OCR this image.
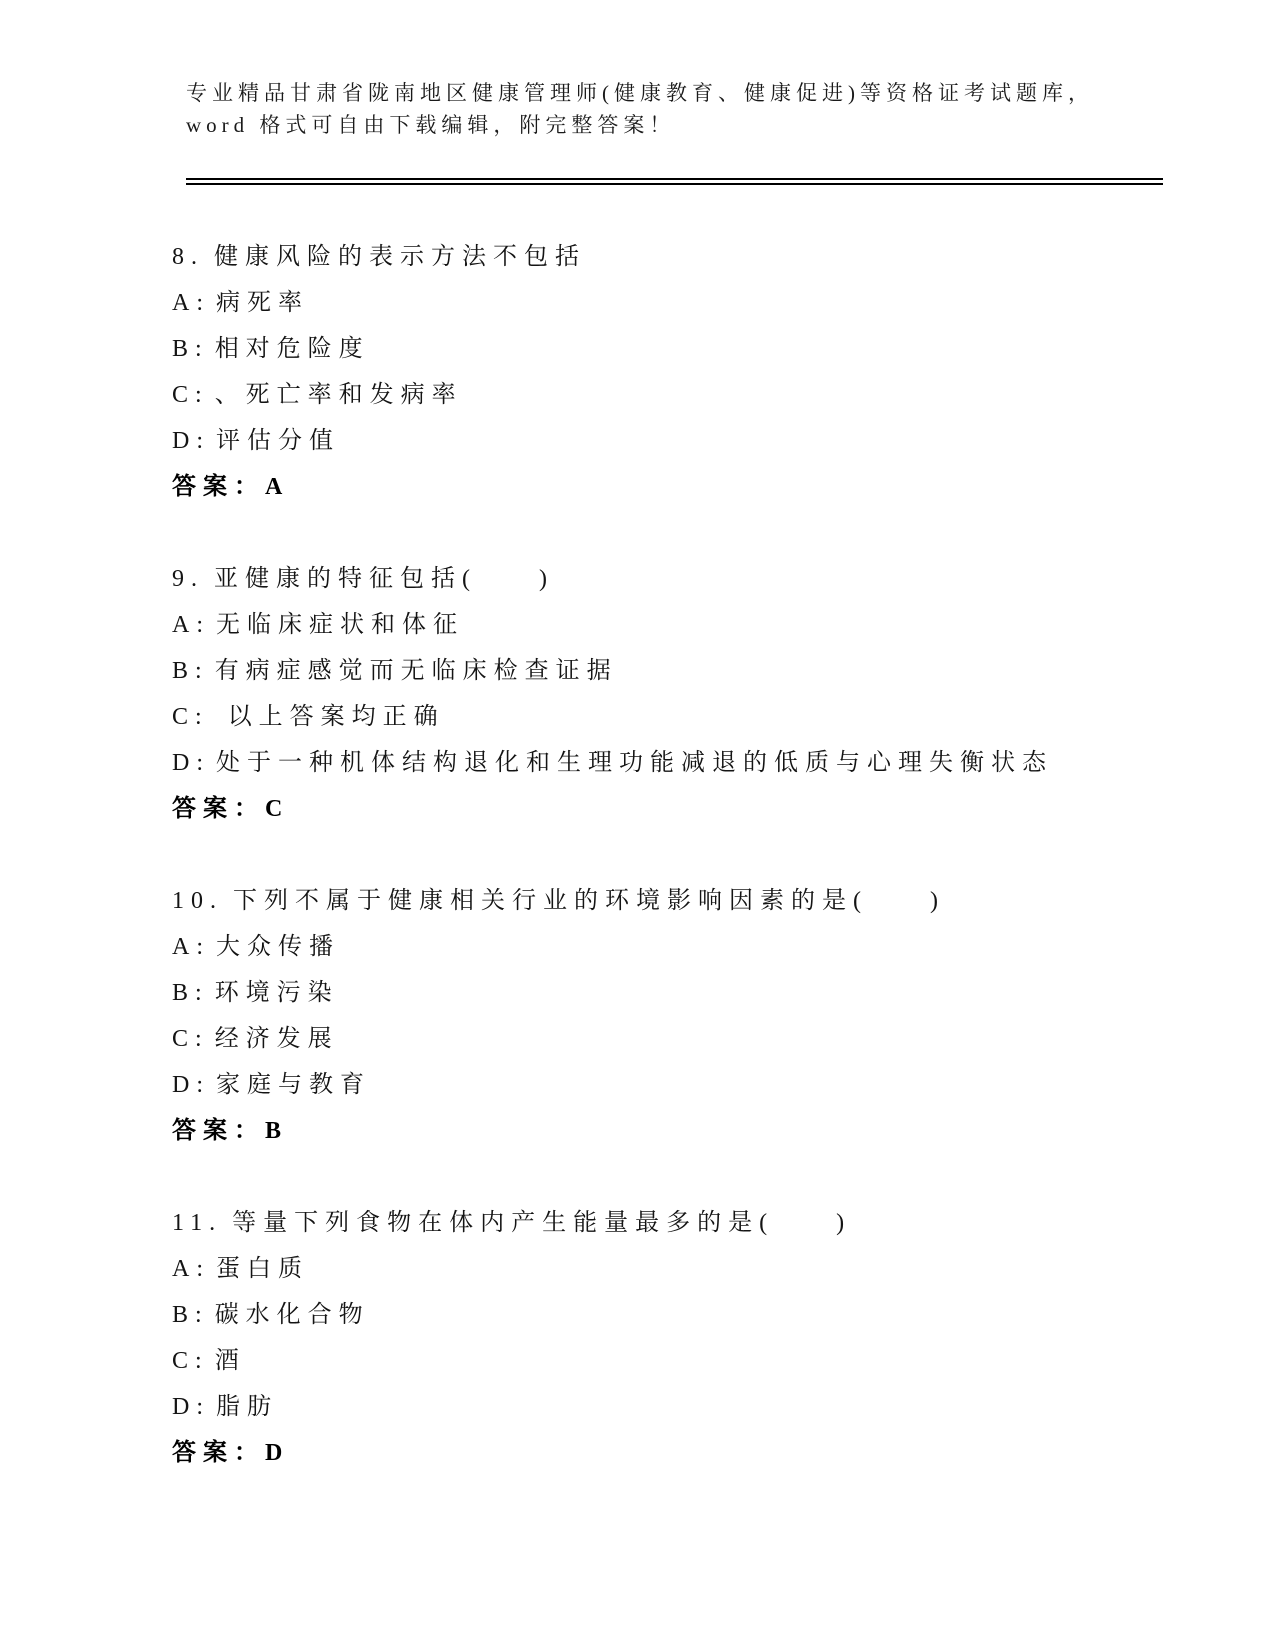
专业精品甘肃省陇南地区健康管理师(健康教育、健康促进)等资格证考试题库，
word 格式可自由下载编辑，附完整答案！
8. 健康风险的表示方法不包括
A: 病死率
B: 相对危险度
C: 、死亡率和发病率
D: 评估分值
答案：A
9. 亚健康的特征包括(　　)
A: 无临床症状和体征
B: 有病症感觉而无临床检查证据
C: 以上答案均正确
D: 处于一种机体结构退化和生理功能减退的低质与心理失衡状态
答案：C
10. 下列不属于健康相关行业的环境影响因素的是(　　)
A: 大众传播
B: 环境污染
C: 经济发展
D: 家庭与教育
答案：B
11. 等量下列食物在体内产生能量最多的是(　　)
A: 蛋白质
B: 碳水化合物
C: 酒
D: 脂肪
答案：D
